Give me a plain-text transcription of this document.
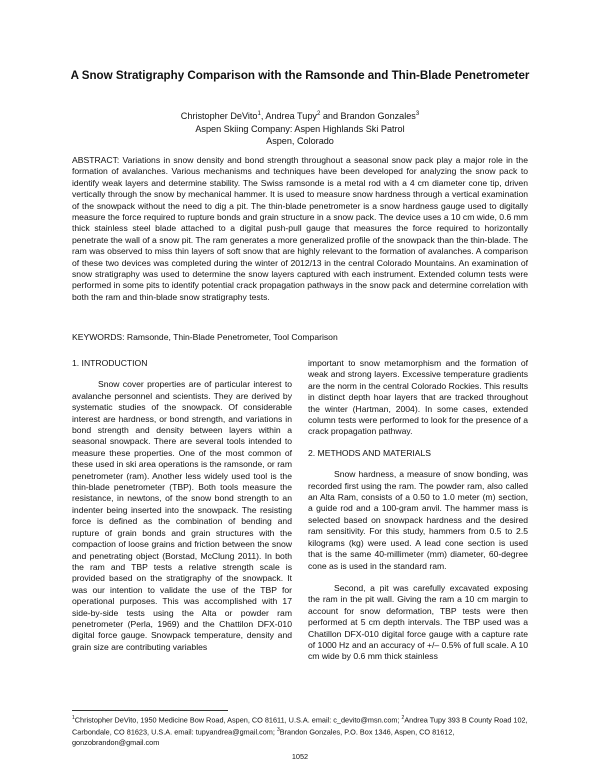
A Snow Stratigraphy Comparison with the Ramsonde and Thin-Blade Penetrometer
Christopher DeVito$^1$, Andrea Tupy$^2$ and Brandon Gonzales$^3$
Aspen Skiing Company: Aspen Highlands Ski Patrol
Aspen, Colorado
ABSTRACT: Variations in snow density and bond strength throughout a seasonal snow pack play a major role in the formation of avalanches. Various mechanisms and techniques have been developed for analyzing the snow pack to identify weak layers and determine stability. The Swiss ramsonde is a metal rod with a 4 cm diameter cone tip, driven vertically through the snow by mechanical hammer. It is used to measure snow hardness through a vertical examination of the snowpack without the need to dig a pit. The thin-blade penetrometer is a snow hardness gauge used to digitally measure the force required to rupture bonds and grain structure in a snow pack. The device uses a 10 cm wide, 0.6 mm thick stainless steel blade attached to a digital push-pull gauge that measures the force required to horizontally penetrate the wall of a snow pit. The ram generates a more generalized profile of the snowpack than the thin-blade. The ram was observed to miss thin layers of soft snow that are highly relevant to the formation of avalanches. A comparison of these two devices was completed during the winter of 2012/13 in the central Colorado Mountains. An examination of snow stratigraphy was used to determine the snow layers captured with each instrument. Extended column tests were performed in some pits to identify potential crack propagation pathways in the snow pack and determine correlation with both the ram and thin-blade snow stratigraphy tests.
KEYWORDS: Ramsonde, Thin-Blade Penetrometer, Tool Comparison
1. INTRODUCTION

Snow cover properties are of particular interest to avalanche personnel and scientists. They are derived by systematic studies of the snowpack. Of considerable interest are hardness, or bond strength, and variations in bond strength and density between layers within a seasonal snowpack. There are several tools intended to measure these properties. One of the most common of these used in ski area operations is the ramsonde, or ram penetrometer (ram). Another less widely used tool is the thin-blade penetrometer (TBP). Both tools measure the resistance, in newtons, of the snow bond strength to an indenter being inserted into the snowpack. The resisting force is defined as the combination of bending and rupture of grain bonds and grain structures with the compaction of loose grains and friction between the snow and penetrating object (Borstad, McClung 2011). In both the ram and TBP tests a relative strength scale is provided based on the stratigraphy of the snowpack. It was our intention to validate the use of the TBP for operational purposes. This was accomplished with 17 side-by-side tests using the Alta or powder ram penetrometer (Perla, 1969) and the Chattilon DFX-010 digital force gauge. Snowpack temperature, density and grain size are contributing variables

important to snow metamorphism and the formation of weak and strong layers. Excessive temperature gradients are the norm in the central Colorado Rockies. This results in distinct depth hoar layers that are tracked throughout the winter (Hartman, 2004). In some cases, extended column tests were performed to look for the presence of a crack propagation pathway.

2. METHODS AND MATERIALS

Snow hardness, a measure of snow bonding, was recorded first using the ram. The powder ram, also called an Alta Ram, consists of a 0.50 to 1.0 meter (m) section, a guide rod and a 100-gram anvil. The hammer mass is selected based on snowpack hardness and the desired ram sensitivity. For this study, hammers from 0.5 to 2.5 kilograms (kg) were used. A lead cone section is used that is the same 40-millimeter (mm) diameter, 60-degree cone as is used in the standard ram.

Second, a pit was carefully excavated exposing the ram in the pit wall. Giving the ram a 10 cm margin to account for snow deformation, TBP tests were then performed at 5 cm depth intervals. The TBP used was a Chatillon DFX-010 digital force gauge with a capture rate of 1000 Hz and an accuracy of +/– 0.5% of full scale. A 10 cm wide by 0.6 mm thick stainless

$^1$Christopher DeVito, 1950 Medicine Bow Road, Aspen, CO 81611, U.S.A. email: c_devito@msn.com; $^2$Andrea Tupy 393 B County Road 102, Carbondale, CO 81623, U.S.A. email: tupyandrea@gmail.com; $^3$Brandon Gonzales, P.O. Box 1346, Aspen, CO 81612, gonzobrandon@gmail.com
1052
